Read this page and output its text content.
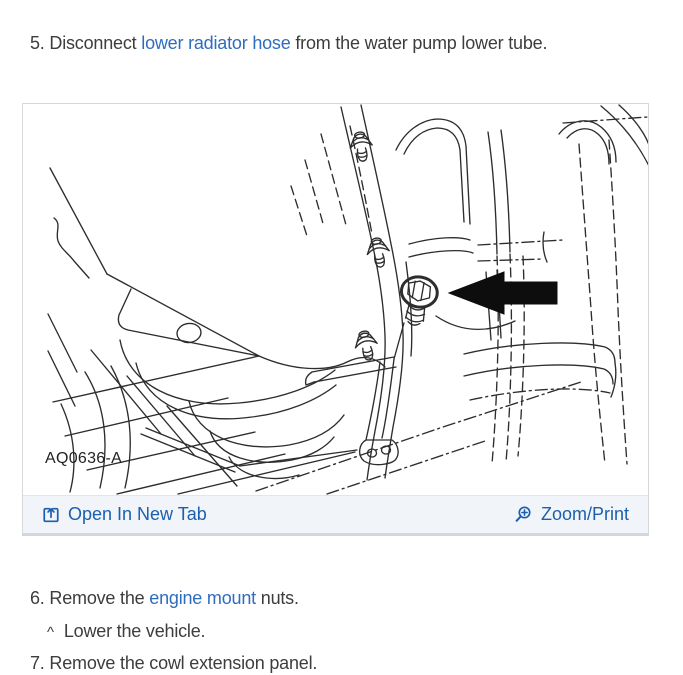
5. Disconnect lower radiator hose from the water pump lower tube.
AQ0636-A
Open In New Tab	Zoom/Print
6. Remove the engine mount nuts.
^ Lower the vehicle.
7. Remove the cowl extension panel.
